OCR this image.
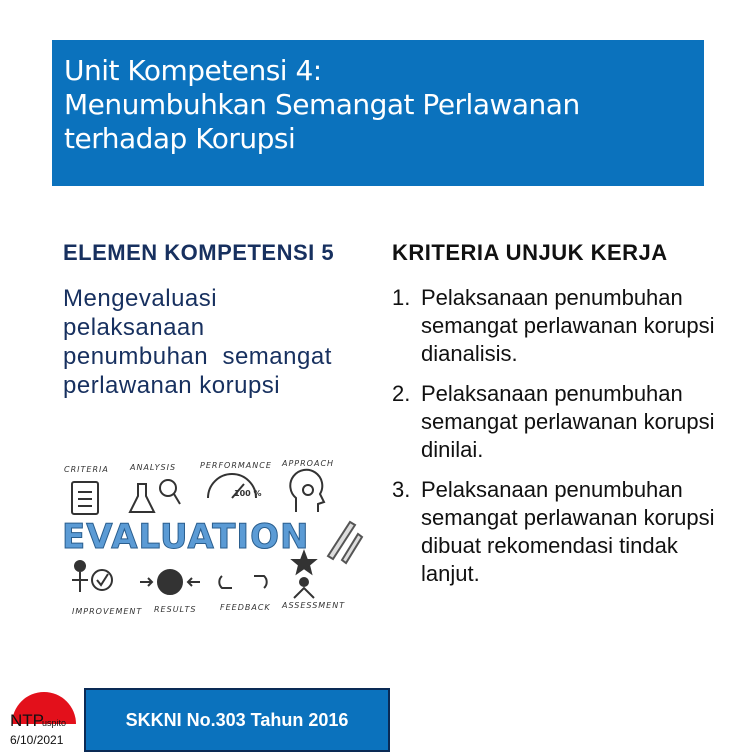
Unit Kompetensi 4:
Menumbuhkan Semangat Perlawanan
terhadap Korupsi
ELEMEN KOMPETENSI 5
Mengevaluasi
pelaksanaan
penumbuhan  semangat
perlawanan korupsi
KRITERIA UNJUK KERJA
1. Pelaksanaan penumbuhan semangat perlawanan korupsi dianalisis.
2. Pelaksanaan penumbuhan semangat perlawanan korupsi dinilai.
3. Pelaksanaan penumbuhan semangat perlawanan korupsi dibuat rekomendasi tindak lanjut.
CRITERIA	ANALYSIS	PERFORMANCE APPROACH
IMPROVEMENT RESULTS	FEEDBACK ASSESSMENT
100 %
EVALUATION
NTP
uspito
6/10/2021
SKKNI No.303 Tahun 2016
